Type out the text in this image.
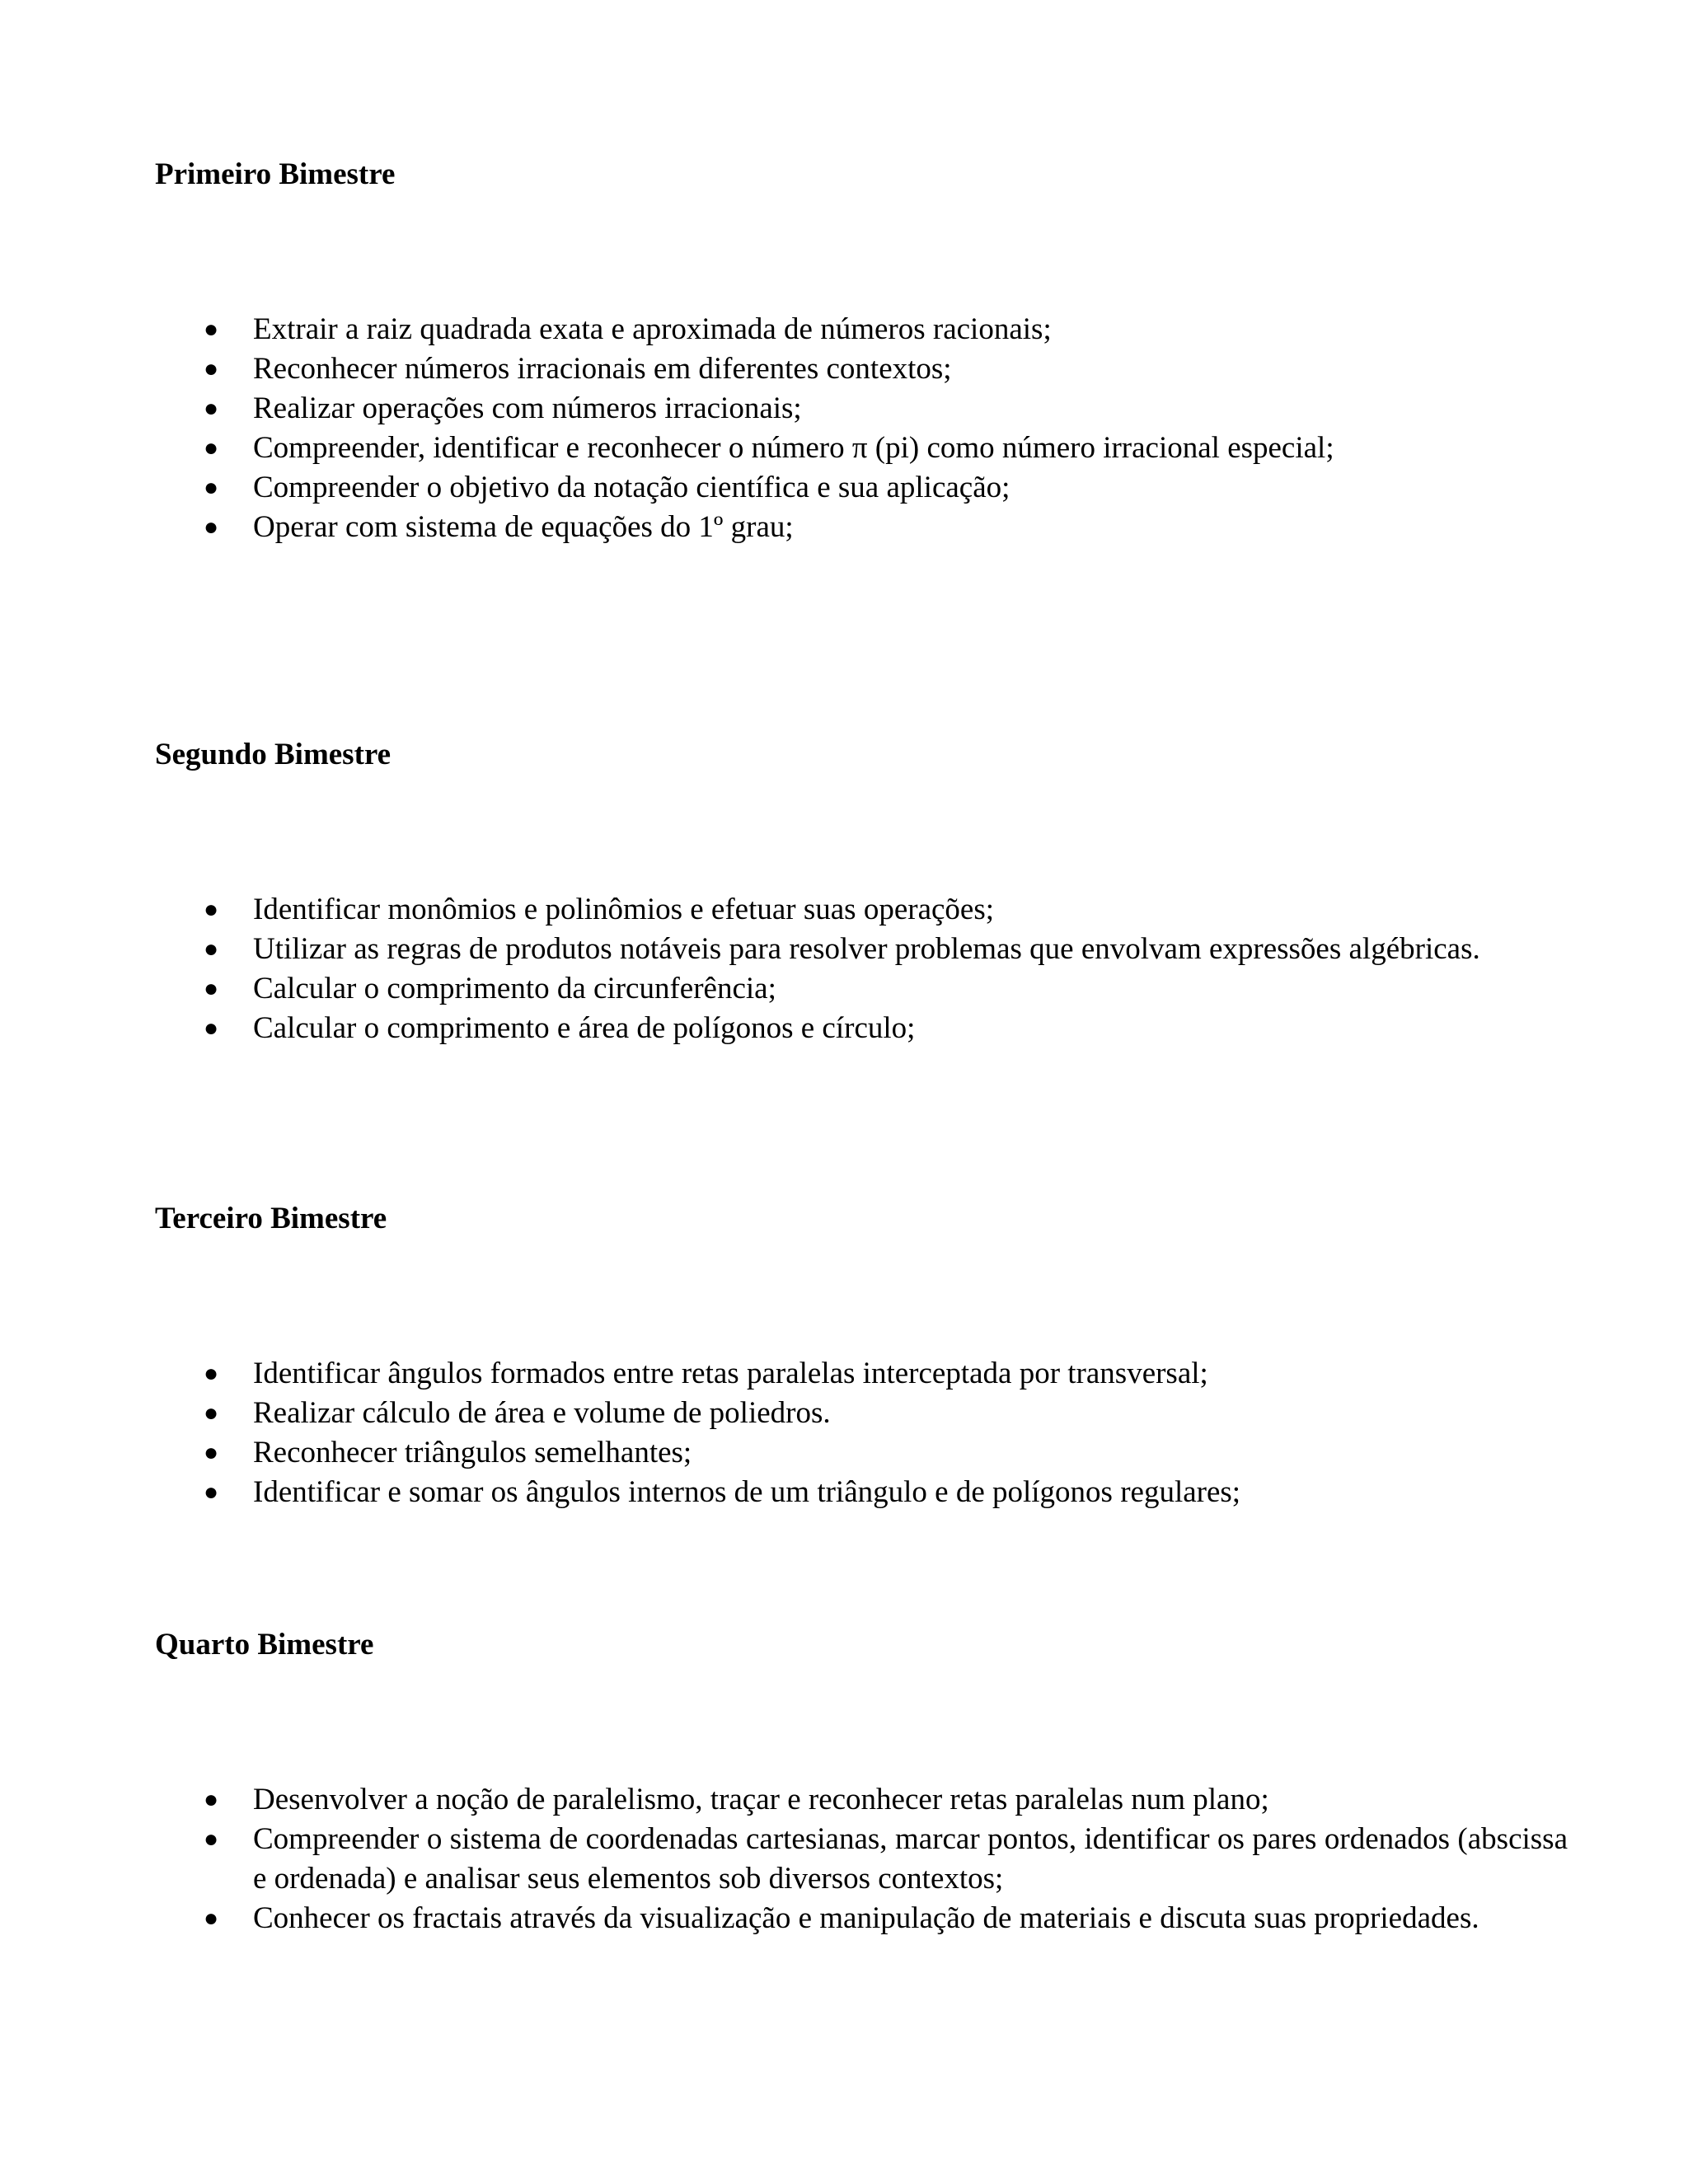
Primeiro Bimestre
● Extrair a raiz quadrada exata e aproximada de números racionais;
● Reconhecer números irracionais em diferentes contextos;
● Realizar operações com números irracionais;
● Compreender, identificar e reconhecer o número π (pi) como número irracional especial;
● Compreender o objetivo da notação científica e sua aplicação;
● Operar com sistema de equações do 1º grau;
Segundo Bimestre
● Identificar monômios e polinômios e efetuar suas operações;
● Utilizar as regras de produtos notáveis para resolver problemas que envolvam expressões algébricas.
● Calcular o comprimento da circunferência;
● Calcular o comprimento e área de polígonos e círculo;
Terceiro Bimestre
● Identificar ângulos formados entre retas paralelas interceptada por transversal;
● Realizar cálculo de área e volume de poliedros.
● Reconhecer triângulos semelhantes;
● Identificar e somar os ângulos internos de um triângulo e de polígonos regulares;
Quarto Bimestre
● Desenvolver a noção de paralelismo, traçar e reconhecer retas paralelas num plano;
● Compreender o sistema de coordenadas cartesianas, marcar pontos, identificar os pares ordenados (abscissa e ordenada) e analisar seus elementos sob diversos contextos;
● Conhecer os fractais através da visualização e manipulação de materiais e discuta suas propriedades.
